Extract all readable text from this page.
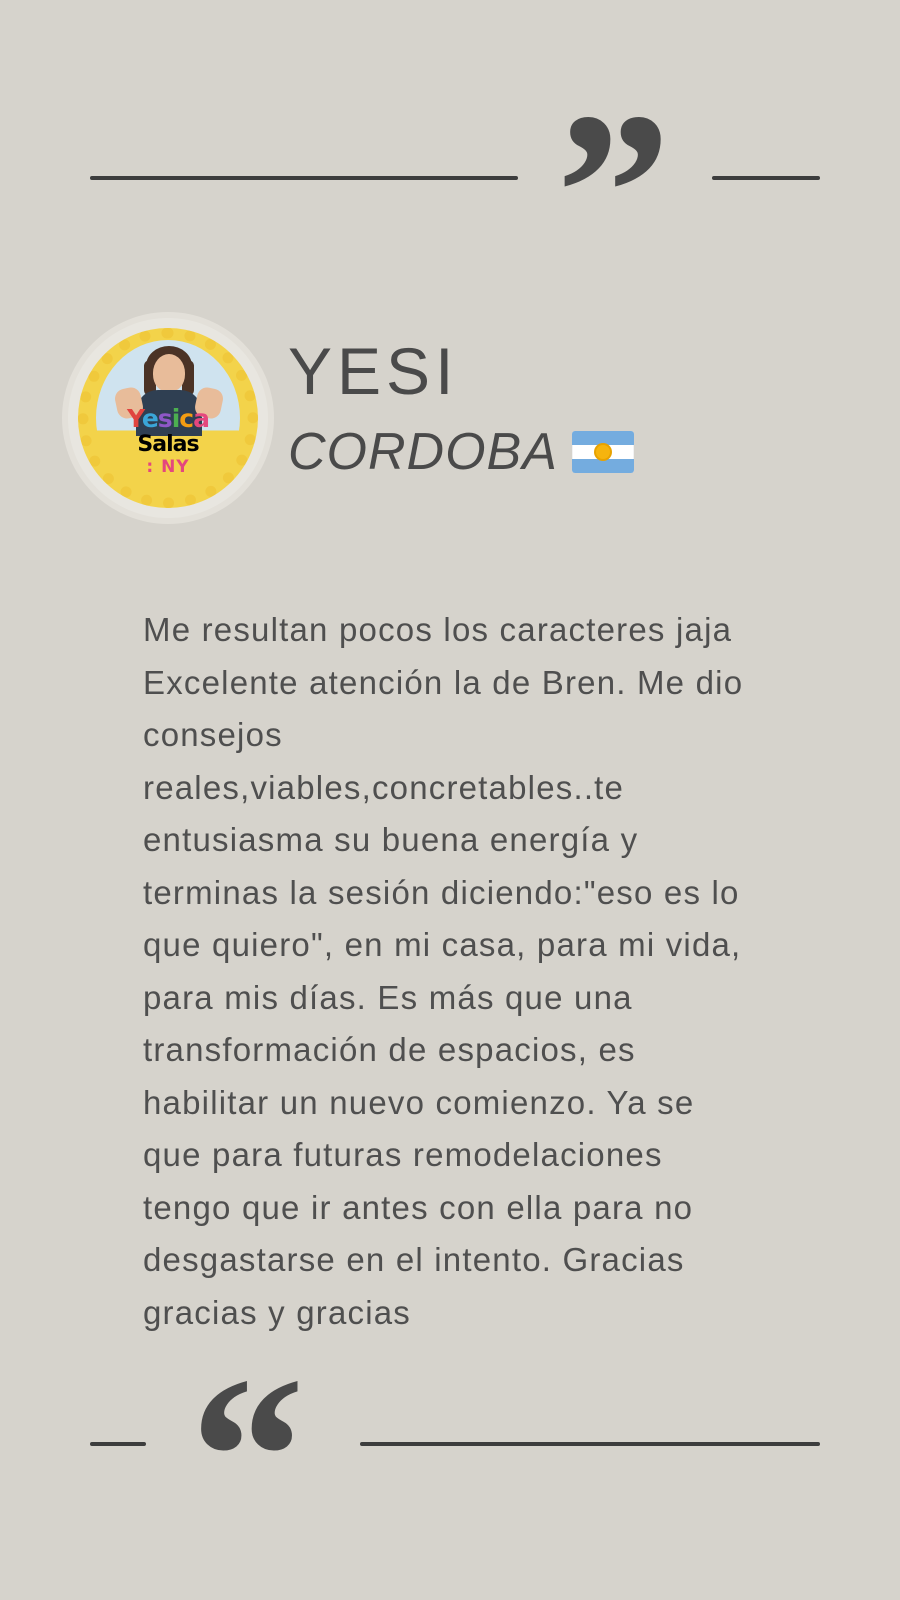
”
Yesica
Salas
: NY
YESI
CORDOBA
Me resultan pocos los caracteres jaja Excelente atención la de Bren. Me dio consejos reales,viables,concretables..te entusiasma su buena energía y terminas la sesión diciendo:"eso es lo que quiero", en mi casa, para mi vida, para mis días. Es más que una transformación de espacios, es habilitar un nuevo comienzo. Ya se que para futuras remodelaciones tengo que ir antes con ella para no desgastarse en el intento. Gracias gracias y gracias
“
